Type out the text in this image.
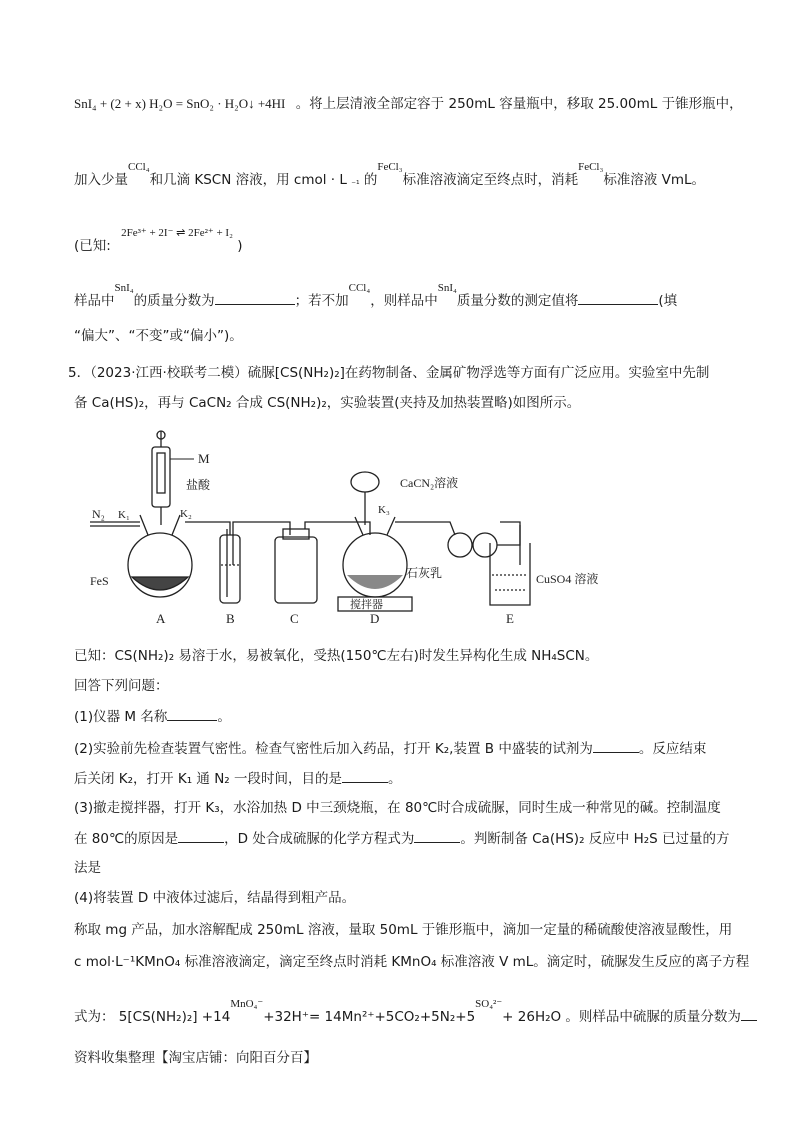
SnI₄ + (2 + x) H₂O = SnO₂ · H₂O↓ +4HI 。将上层清液全部定容于 250mL 容量瓶中，移取 25.00mL 于锥形瓶中，
加入少量$^{CCl_4}$和几滴 KSCN 溶液，用 cmol · L $_{^{-1}}$ 的$^{FeCl_3}$标准溶液滴定至终点时，消耗$^{FeCl_3}$标准溶液 VmL。
(已知: $^{2Fe^{3+} + 2I^- \rightleftharpoons 2Fe^{2+} + I_2}$ )
样品中$^{SnI_4}$的质量分数为	；若不加$^{CCl_4}$，则样品中$^{SnI_4}$质量分数的测定值将	(填
“偏大”、“不变”或“偏小”)。
5．（2023·江西·校联考二模）硫脲[CS(NH₂)₂]在药物制备、金属矿物浮选等方面有广泛应用。实验室中先制
备 Ca(HS)₂，再与 CaCN₂ 合成 CS(NH₂)₂，实验装置(夹持及加热装置略)如图所示。
M
盐酸
K₂
N₂ K₁
FeS
CaCN₂溶液
K₃
石灰乳
搅拌器
CuSO4 溶液
A	B	C	D	E
已知：CS(NH₂)₂ 易溶于水，易被氧化，受热(150℃左右)时发生异构化生成 NH₄SCN。
回答下列问题：
(1)仪器 M 名称	。
(2)实验前先检查装置气密性。检查气密性后加入药品，打开 K₂,装置 B 中盛装的试剂为	。反应结束
后关闭 K₂，打开 K₁ 通 N₂ 一段时间，目的是	。
(3)撤走搅拌器，打开 K₃，水浴加热 D 中三颈烧瓶，在 80℃时合成硫脲，同时生成一种常见的碱。控制温度
在 80℃的原因是	，D 处合成硫脲的化学方程式为	。判断制备 Ca(HS)₂ 反应中 H₂S 已过量的方
法是
(4)将装置 D 中液体过滤后，结晶得到粗产品。
称取 mg 产品，加水溶解配成 250mL 溶液，量取 50mL 于锥形瓶中，滴加一定量的稀硫酸使溶液显酸性，用
c mol·L⁻¹KMnO₄ 标准溶液滴定，滴定至终点时消耗 KMnO₄ 标准溶液 V mL。滴定时，硫脲发生反应的离子方程
式为： $5[CS(NH_2)_2] +14^{MnO_4^-}+32H^+= 14Mn^{2+}+5CO_2+5N_2+5^{SO_4^{2-}}+ 26H_2O$ 。则样品中硫脲的质量分数为
资料收集整理【淘宝店铺：向阳百分百】
